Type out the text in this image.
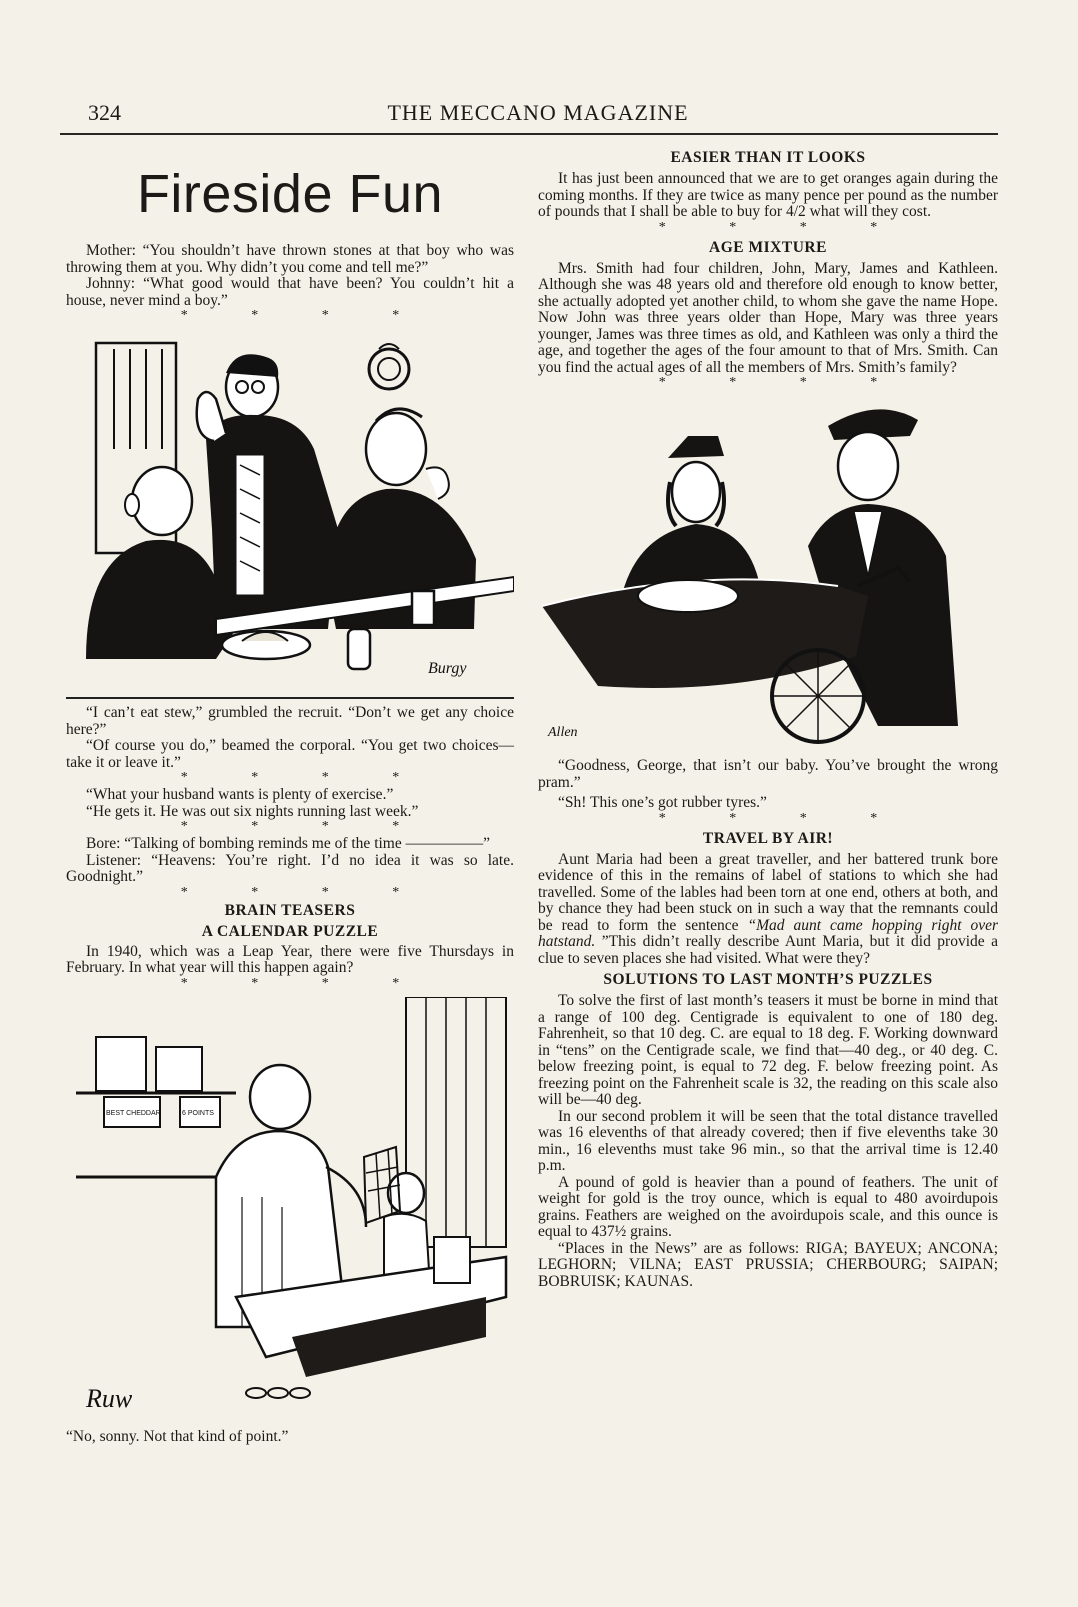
324	THE MECCANO MAGAZINE
Fireside Fun

Mother: “You shouldn’t have thrown stones at that boy who was throwing them at you. Why didn’t you come and tell me?”

Johnny: “What good would that have been? You couldn’t hit a house, never mind a boy.”

* * * *
Burgy

“I can’t eat stew,” grumbled the recruit. “Don’t we get any choice here?”

“Of course you do,” beamed the corporal. “You get two choices—take it or leave it.”

* * * *

“What your husband wants is plenty of exercise.”

“He gets it. He was out six nights running last week.”

* * * *

Bore: “Talking of bombing reminds me of the time —————”

Listener: “Heavens: You’re right. I’d no idea it was so late. Goodnight.”

* * * *
BRAIN TEASERS
A CALENDAR PUZZLE

In 1940, which was a Leap Year, there were five Thursdays in February. In what year will this happen again?

* * * *
BEST CHEDDAR	6 POINTS
Ruw
“No, sonny. Not that kind of point.”
EASIER THAN IT LOOKS

It has just been announced that we are to get oranges again during the coming months. If they are twice as many pence per pound as the number of pounds that I shall be able to buy for 4/2 what will they cost.

* * * *
AGE MIXTURE

Mrs. Smith had four children, John, Mary, James and Kathleen. Although she was 48 years old and therefore old enough to know better, she actually adopted yet another child, to whom she gave the name Hope. Now John was three years older than Hope, Mary was three years younger, James was three times as old, and Kathleen was only a third the age, and together the ages of the four amount to that of Mrs. Smith. Can you find the actual ages of all the members of Mrs. Smith’s family?

* * * *
Allen

“Goodness, George, that isn’t our baby. You’ve brought the wrong pram.”

“Sh! This one’s got rubber tyres.”

* * * *
TRAVEL BY AIR!

Aunt Maria had been a great traveller, and her battered trunk bore evidence of this in the remains of label of stations to which she had travelled. Some of the lables had been torn at one end, others at both, and by chance they had been stuck on in such a way that the remnants could be read to form the sentence “Mad aunt came hopping right over hatstand. ”This didn’t really describe Aunt Maria, but it did provide a clue to seven places she had visited. What were they?

SOLUTIONS TO LAST MONTH’S PUZZLES

To solve the first of last month’s teasers it must be borne in mind that a range of 100 deg. Centigrade is equivalent to one of 180 deg. Fahrenheit, so that 10 deg. C. are equal to 18 deg. F. Working downward in “tens” on the Centigrade scale, we find that—40 deg., or 40 deg. C. below freezing point, is equal to 72 deg. F. below freezing point. As freezing point on the Fahrenheit scale is 32, the reading on this scale also will be—40 deg.

In our second problem it will be seen that the total distance travelled was 16 elevenths of that already covered; then if five elevenths take 30 min., 16 elevenths must take 96 min., so that the arrival time is 12.40 p.m.

A pound of gold is heavier than a pound of feathers. The unit of weight for gold is the troy ounce, which is equal to 480 avoirdupois grains. Feathers are weighed on the avoirdupois scale, and this ounce is equal to 437½ grains.

“Places in the News” are as follows: RIGA; BAYEUX; ANCONA; LEGHORN; VILNA; EAST PRUSSIA; CHERBOURG; SAIPAN; BOBRUISK; KAUNAS.
